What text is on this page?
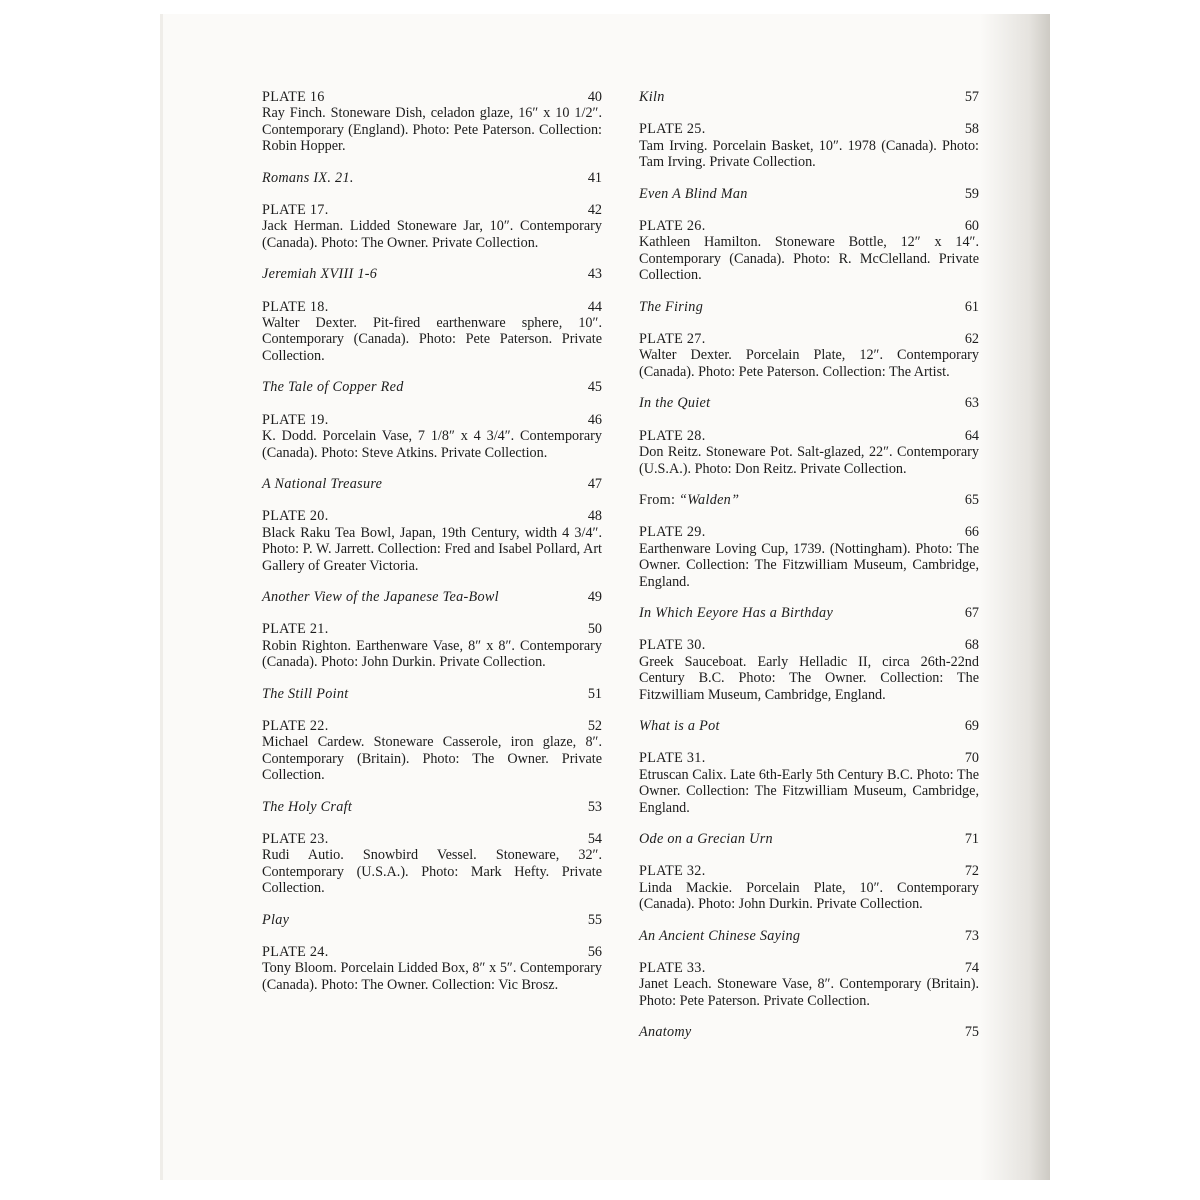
PLATE 16	40
Ray Finch. Stoneware Dish, celadon glaze, 16″ x 10 1/2″. Contemporary (England). Photo: Pete Paterson. Collection: Robin Hopper.
Romans IX. 21.	41
PLATE 17.	42
Jack Herman. Lidded Stoneware Jar, 10″. Contemporary (Canada). Photo: The Owner. Private Collection.
Jeremiah XVIII 1-6	43
PLATE 18.	44
Walter Dexter. Pit-fired earthenware sphere, 10″. Contemporary (Canada). Photo: Pete Paterson. Private Collection.
The Tale of Copper Red	45
PLATE 19.	46
K. Dodd. Porcelain Vase, 7 1/8″ x 4 3/4″. Contemporary (Canada). Photo: Steve Atkins. Private Collection.
A National Treasure	47
PLATE 20.	48
Black Raku Tea Bowl, Japan, 19th Century, width 4 3/4″. Photo: P. W. Jarrett. Collection: Fred and Isabel Pollard, Art Gallery of Greater Victoria.
Another View of the Japanese Tea-Bowl	49
PLATE 21.	50
Robin Righton. Earthenware Vase, 8″ x 8″. Contemporary (Canada). Photo: John Durkin. Private Collection.
The Still Point	51
PLATE 22.	52
Michael Cardew. Stoneware Casserole, iron glaze, 8″. Contemporary (Britain). Photo: The Owner. Private Collection.
The Holy Craft	53
PLATE 23.	54
Rudi Autio. Snowbird Vessel. Stoneware, 32″. Contemporary (U.S.A.). Photo: Mark Hefty. Private Collection.
Play	55
PLATE 24.	56
Tony Bloom. Porcelain Lidded Box, 8″ x 5″. Contemporary (Canada). Photo: The Owner. Collection: Vic Brosz.
Kiln	57
PLATE 25.	58
Tam Irving. Porcelain Basket, 10″. 1978 (Canada). Photo: Tam Irving. Private Collection.
Even A Blind Man	59
PLATE 26.	60
Kathleen Hamilton. Stoneware Bottle, 12″ x 14″. Contemporary (Canada). Photo: R. McClelland. Private Collection.
The Firing	61
PLATE 27.	62
Walter Dexter. Porcelain Plate, 12″. Contemporary (Canada). Photo: Pete Paterson. Collection: The Artist.
In the Quiet	63
PLATE 28.	64
Don Reitz. Stoneware Pot. Salt-glazed, 22″. Contemporary (U.S.A.). Photo: Don Reitz. Private Collection.
From: “Walden”	65
PLATE 29.	66
Earthenware Loving Cup, 1739. (Nottingham). Photo: The Owner. Collection: The Fitzwilliam Museum, Cambridge, England.
In Which Eeyore Has a Birthday	67
PLATE 30.	68
Greek Sauceboat. Early Helladic II, circa 26th-22nd Century B.C. Photo: The Owner. Collection: The Fitzwilliam Museum, Cambridge, England.
What is a Pot	69
PLATE 31.	70
Etruscan Calix. Late 6th-Early 5th Century B.C. Photo: The Owner. Collection: The Fitzwilliam Museum, Cambridge, England.
Ode on a Grecian Urn	71
PLATE 32.	72
Linda Mackie. Porcelain Plate, 10″. Contemporary (Canada). Photo: John Durkin. Private Collection.
An Ancient Chinese Saying	73
PLATE 33.	74
Janet Leach. Stoneware Vase, 8″. Contemporary (Britain). Photo: Pete Paterson. Private Collection.
Anatomy	75
